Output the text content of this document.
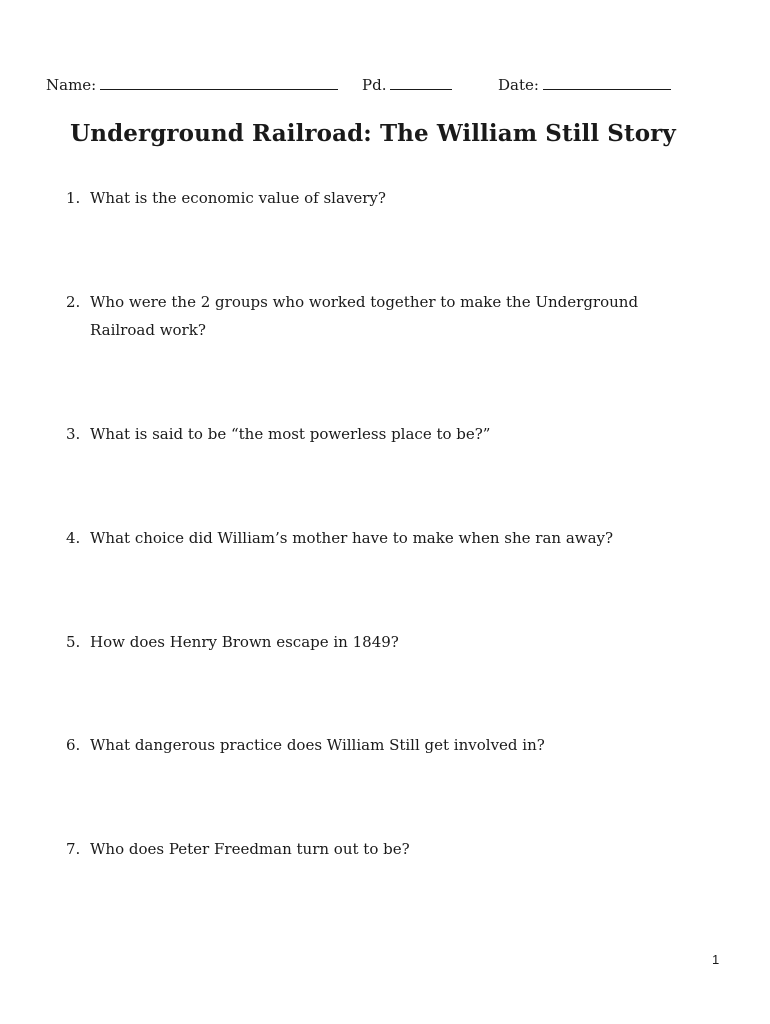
Name:	Pd.	Date:
Underground Railroad: The William Still Story
1. What is the economic value of slavery?
2. Who were the 2 groups who worked together to make the Underground Railroad work?
3. What is said to be “the most powerless place to be?”
4. What choice did William’s mother have to make when she ran away?
5. How does Henry Brown escape in 1849?
6. What dangerous practice does William Still get involved in?
7. Who does Peter Freedman turn out to be?
1
